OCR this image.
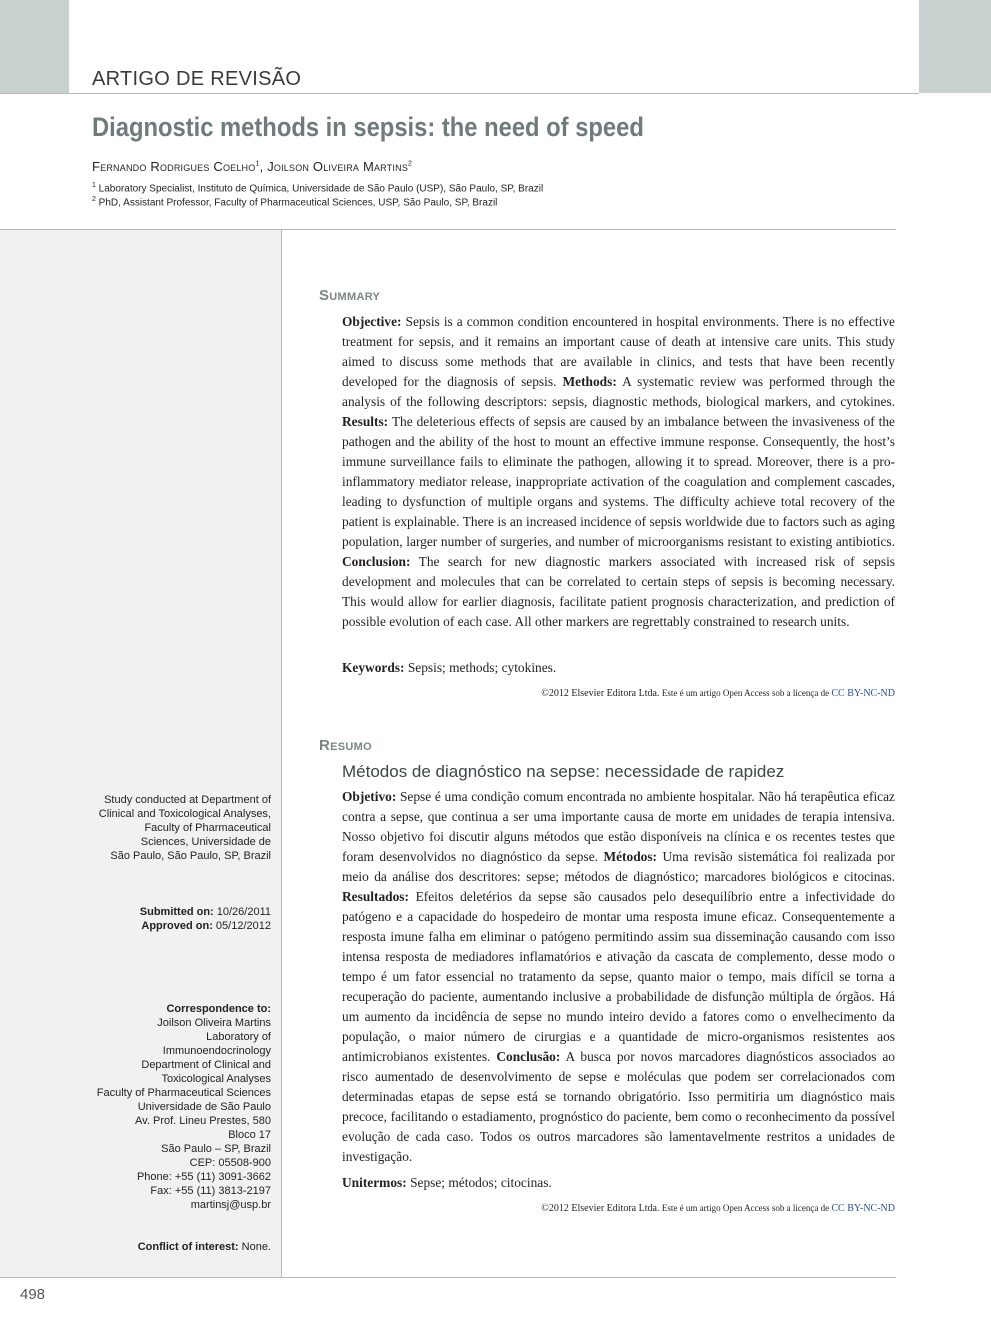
ARTIGO DE REVISÃO
Diagnostic methods in sepsis: the need of speed
Fernando Rodrigues Coelho$^1$, Joilson Oliveira Martins$^2$
$^1$ Laboratory Specialist, Instituto de Química, Universidade de São Paulo (USP), São Paulo, SP, Brazil
$^2$ PhD, Assistant Professor, Faculty of Pharmaceutical Sciences, USP, São Paulo, SP, Brazil
Summary
Objective: Sepsis is a common condition encountered in hospital environments. There is no effective treatment for sepsis, and it remains an important cause of death at intensive care units. This study aimed to discuss some methods that are available in clinics, and tests that have been recently developed for the diagnosis of sepsis. Methods: A systematic review was performed through the analysis of the following descriptors: sepsis, diagnostic methods, biological markers, and cytokines. Results: The deleterious effects of sepsis are caused by an imbalance between the invasiveness of the pathogen and the ability of the host to mount an effective immune response. Consequently, the host’s immune surveillance fails to eliminate the pathogen, allowing it to spread. Moreover, there is a pro-inflammatory mediator release, inappropriate activation of the coagulation and complement cascades, leading to dysfunction of multiple organs and systems. The difficulty achieve total recovery of the patient is explainable. There is an increased incidence of sepsis worldwide due to factors such as aging population, larger number of surgeries, and number of microorganisms resistant to existing antibiotics. Conclusion: The search for new diagnostic markers associated with increased risk of sepsis development and molecules that can be correlated to certain steps of sepsis is becoming necessary. This would allow for earlier diagnosis, facilitate patient prognosis characterization, and prediction of possible evolution of each case. All other markers are regrettably constrained to research units.
Keywords: Sepsis; methods; cytokines.
©2012 Elsevier Editora Ltda. Este é um artigo Open Access sob a licença de CC BY-NC-ND
Resumo
Métodos de diagnóstico na sepse: necessidade de rapidez
Objetivo: Sepse é uma condição comum encontrada no ambiente hospitalar. Não há terapêutica eficaz contra a sepse, que continua a ser uma importante causa de morte em unidades de terapia intensiva. Nosso objetivo foi discutir alguns métodos que estão disponíveis na clínica e os recentes testes que foram desenvolvidos no diagnóstico da sepse. Métodos: Uma revisão sistemática foi realizada por meio da análise dos descritores: sepse; métodos de diagnóstico; marcadores biológicos e citocinas. Resultados: Efeitos deletérios da sepse são causados pelo desequilíbrio entre a infectividade do patógeno e a capacidade do hospedeiro de montar uma resposta imune eficaz. Consequentemente a resposta imune falha em eliminar o patógeno permitindo assim sua disseminação causando com isso intensa resposta de mediadores inflamatórios e ativação da cascata de complemento, desse modo o tempo é um fator essencial no tratamento da sepse, quanto maior o tempo, mais difícil se torna a recuperação do paciente, aumentando inclusive a probabilidade de disfunção múltipla de órgãos. Há um aumento da incidência de sepse no mundo inteiro devido a fatores como o envelhecimento da população, o maior número de cirurgias e a quantidade de micro-organismos resistentes aos antimicrobianos existentes. Conclusão: A busca por novos marcadores diagnósticos associados ao risco aumentado de desenvolvimento de sepse e moléculas que podem ser correlacionados com determinadas etapas de sepse está se tornando obrigatório. Isso permitiria um diagnóstico mais precoce, facilitando o estadiamento, prognóstico do paciente, bem como o reconhecimento da possível evolução de cada caso. Todos os outros marcadores são lamentavelmente restritos a unidades de investigação.
Unitermos: Sepse; métodos; citocinas.
©2012 Elsevier Editora Ltda. Este é um artigo Open Access sob a licença de CC BY-NC-ND
Study conducted at Department of
Clinical and Toxicological Analyses,
Faculty of Pharmaceutical
Sciences, Universidade de
São Paulo, São Paulo, SP, Brazil
Submitted on: 10/26/2011
Approved on: 05/12/2012
Correspondence to:
Joilson Oliveira Martins
Laboratory of
Immunoendocrinology
Department of Clinical and
Toxicological Analyses
Faculty of Pharmaceutical Sciences
Universidade de São Paulo
Av. Prof. Lineu Prestes, 580
Bloco 17
São Paulo – SP, Brazil
CEP: 05508-900
Phone: +55 (11) 3091-3662
Fax: +55 (11) 3813-2197
martinsj@usp.br
Conflict of interest: None.
498
